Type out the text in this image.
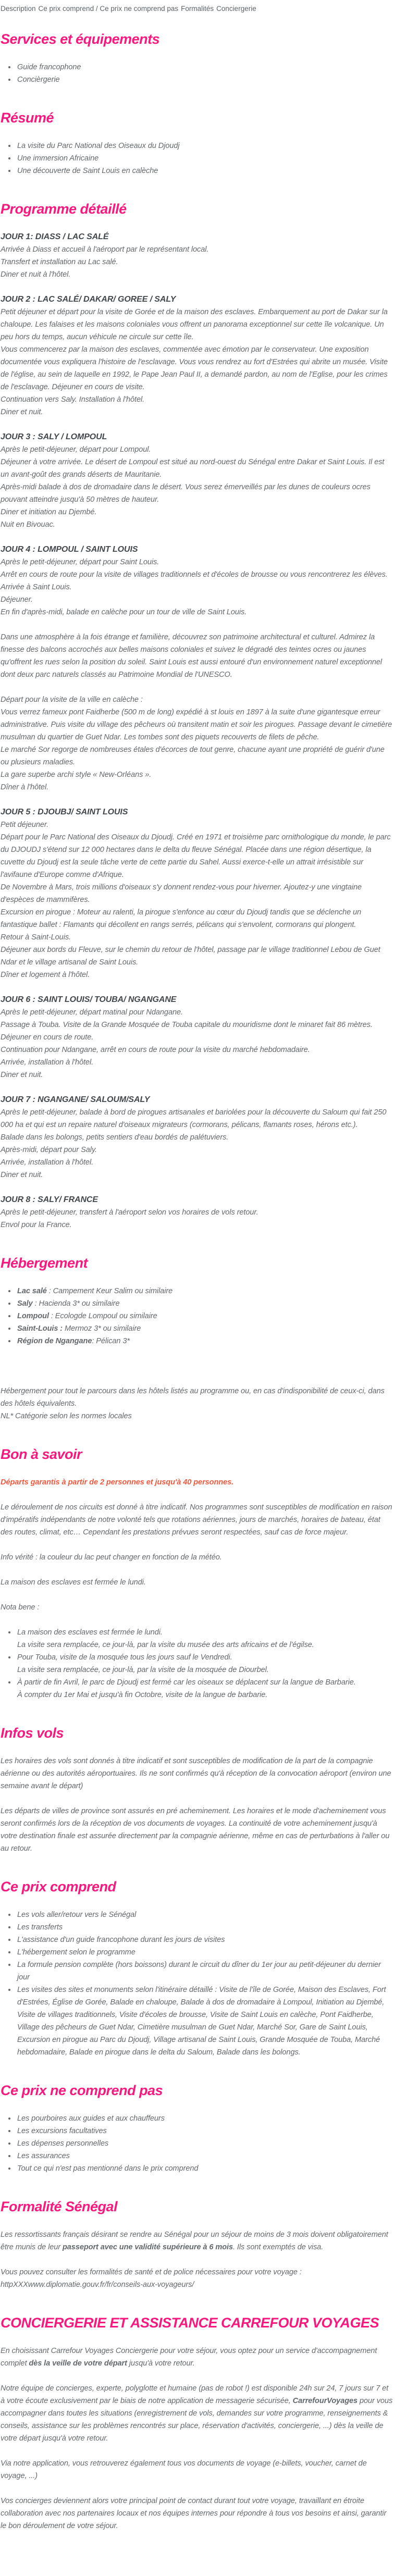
Description Ce prix comprend / Ce prix ne comprend pas Formalités Conciergerie
Services et équipements
• Guide francophone
• Concièrgerie
Résumé
• La visite du Parc National des Oiseaux du Djoudj
• Une immersion Africaine
• Une découverte de Saint Louis en calèche
Programme détaillé
JOUR 1: DIASS / LAC SALÉ

Arrivée à Diass et accueil à l'aéroport par le représentant local.
Transfert et installation au Lac salé.
Diner et nuit à l'hôtel.

JOUR 2 : LAC SALÉ/ DAKAR/ GOREE / SALY

Petit déjeuner et départ pour la visite de Gorée et de la maison des esclaves. Embarquement au port de Dakar sur la chaloupe. Les falaises et les maisons coloniales vous offrent un panorama exceptionnel sur cette île volcanique. Un peu hors du temps, aucun véhicule ne circule sur cette île.
Vous commencerez par la maison des esclaves, commentée avec émotion par le conservateur. Une exposition documentée vous expliquera l'histoire de l'esclavage. Vous vous rendrez au fort d'Estrées qui abrite un musée. Visite de l'église, au sein de laquelle en 1992, le Pape Jean Paul II, a demandé pardon, au nom de l'Eglise, pour les crimes de l'esclavage. Déjeuner en cours de visite.
Continuation vers Saly. Installation à l'hôtel.
Diner et nuit.

JOUR 3 : SALY / LOMPOUL

Après le petit-déjeuner, départ pour Lompoul.
Déjeuner à votre arrivée. Le désert de Lompoul est situé au nord-ouest du Sénégal entre Dakar et Saint Louis. Il est un avant-goût des grands déserts de Mauritanie.
Après-midi balade à dos de dromadaire dans le désert. Vous serez émerveillés par les dunes de couleurs ocres pouvant atteindre jusqu'à 50 mètres de hauteur.
Diner et initiation au Djembé.
Nuit en Bivouac.

JOUR 4 : LOMPOUL / SAINT LOUIS

Après le petit-déjeuner, départ pour Saint Louis.
Arrêt en cours de route pour la visite de villages traditionnels et d'écoles de brousse ou vous rencontrerez les élèves.
Arrivée à Saint Louis.
Déjeuner.
En fin d'après-midi, balade en calèche pour un tour de ville de Saint Louis.

Dans une atmosphère à la fois étrange et familière, découvrez son patrimoine architectural et culturel. Admirez la finesse des balcons accrochés aux belles maisons coloniales et suivez le dégradé des teintes ocres ou jaunes qu'offrent les rues selon la position du soleil. Saint Louis est aussi entouré d'un environnement naturel exceptionnel dont deux parc naturels classés au Patrimoine Mondial de l'UNESCO.

Départ pour la visite de la ville en calèche :
Vous verrez fameux pont Faidherbe (500 m de long) expédié à st louis en 1897 à la suite d'une gigantesque erreur administrative. Puis visite du village des pêcheurs où transitent matin et soir les pirogues. Passage devant le cimetière musulman du quartier de Guet Ndar. Les tombes sont des piquets recouverts de filets de pêche.
Le marché Sor regorge de nombreuses étales d'écorces de tout genre, chacune ayant une propriété de guérir d'une ou plusieurs maladies.
La gare superbe archi style « New-Orléans ».
Dîner à l'hôtel.

JOUR 5 : DJOUBJ/ SAINT LOUIS

Petit déjeuner.
Départ pour le Parc National des Oiseaux du Djoudj. Créé en 1971 et troisième parc ornithologique du monde, le parc du DJOUDJ s'étend sur 12 000 hectares dans le delta du fleuve Sénégal. Placée dans une région désertique, la cuvette du Djoudj est la seule tâche verte de cette partie du Sahel. Aussi exerce-t-elle un attrait irrésistible sur l'avifaune d'Europe comme d'Afrique.
De Novembre à Mars, trois millions d'oiseaux s'y donnent rendez-vous pour hiverner. Ajoutez-y une vingtaine d'espèces de mammifères.
Excursion en pirogue : Moteur au ralenti, la pirogue s'enfonce au cœur du Djoudj tandis que se déclenche un fantastique ballet : Flamants qui décollent en rangs serrés, pélicans qui s'envolent, cormorans qui plongent.
Retour à Saint-Louis.
Déjeuner aux bords du Fleuve, sur le chemin du retour de l'hôtel, passage par le village traditionnel Lebou de Guet Ndar et le village artisanal de Saint Louis.
Dîner et logement à l'hôtel.

JOUR 6 : SAINT LOUIS/ TOUBA/ NGANGANE

Après le petit-déjeuner, départ matinal pour Ndangane.
Passage à Touba. Visite de la Grande Mosquée de Touba capitale du mouridisme dont le minaret fait 86 mètres.
Déjeuner en cours de route.
Continuation pour Ndangane, arrêt en cours de route pour la visite du marché hebdomadaire.
Arrivée, installation à l'hôtel.
Diner et nuit.

JOUR 7 : NGANGANE/ SALOUM/SALY

Après le petit-déjeuner, balade à bord de pirogues artisanales et bariolées pour la découverte du Saloum qui fait 250 000 ha et qui est un repaire naturel d'oiseaux migrateurs (cormorans, pélicans, flamants roses, hérons etc.).
Balade dans les bolongs, petits sentiers d'eau bordés de palétuviers.
Après-midi, départ pour Saly.
Arrivée, installation à l'hôtel.
Diner et nuit.

JOUR 8 : SALY/ FRANCE

Après le petit-déjeuner, transfert à l'aéroport selon vos horaires de vols retour.
Envol pour la France.

Hébergement
• Lac salé : Campement Keur Salim ou similaire
• Saly : Hacienda 3* ou similaire
• Lompoul : Ecologde Lompoul ou similaire
• Saint-Louis : Mermoz 3* ou similaire
• Région de Ngangane: Pélican 3*

Hébergement pour tout le parcours dans les hôtels listés au programme ou, en cas d'indisponibilité de ceux-ci, dans des hôtels équivalents.
NL* Catégorie selon les normes locales

Bon à savoir

Départs garantis à partir de 2 personnes et jusqu'à 40 personnes.

Le déroulement de nos circuits est donné à titre indicatif. Nos programmes sont susceptibles de modification en raison d'impératifs indépendants de notre volonté tels que rotations aériennes, jours de marchés, horaires de bateau, état des routes, climat, etc… Cependant les prestations prévues seront respectées, sauf cas de force majeur.

Info vérité : la couleur du lac peut changer en fonction de la météo.

La maison des esclaves est fermée le lundi.

Nota bene :

• La maison des esclaves est fermée le lundi.
La visite sera remplacée, ce jour-là, par la visite du musée des arts africains et de l'égilse.
• Pour Touba, visite de la mosquée tous les jours sauf le Vendredi.
La visite sera remplacée, ce jour-là, par la visite de la mosquée de Diourbel.
• À partir de fin Avril, le parc de Djoudj est fermé car les oiseaux se déplacent sur la langue de Barbarie.
À compter du 1er Mai et jusqu'à fin Octobre, visite de la langue de barbarie.
Infos vols

Les horaires des vols sont donnés à titre indicatif et sont susceptibles de modification de la part de la compagnie aérienne ou des autorités aéroportuaires. Ils ne sont confirmés qu'à réception de la convocation aéroport (environ une semaine avant le départ)

Les départs de villes de province sont assurés en pré acheminement. Les horaires et le mode d'acheminement vous seront confirmés lors de la réception de vos documents de voyages. La continuité de votre acheminement jusqu'à votre destination finale est assurée directement par la compagnie aérienne, même en cas de perturbations à l'aller ou au retour.

Ce prix comprend
• Les vols aller/retour vers le Sénégal
• Les transferts
• L'assistance d'un guide francophone durant les jours de visites
• L'hébergement selon le programme
• La formule pension complète (hors boissons) durant le circuit du dîner du 1er jour au petit-déjeuner du dernier jour
• Les visites des sites et monuments selon l'itinéraire détaillé : Visite de l'île de Gorée, Maison des Esclaves, Fort d'Estrées, Église de Gorée, Balade en chaloupe, Balade à dos de dromadaire à Lompoul, Initiation au Djembé, Visite de villages traditionnels, Visite d'écoles de brousse, Visite de Saint Louis en calèche, Pont Faidherbe, Village des pêcheurs de Guet Ndar, Cimetière musulman de Guet Ndar, Marché Sor, Gare de Saint Louis, Excursion en pirogue au Parc du Djoudj, Village artisanal de Saint Louis, Grande Mosquée de Touba, Marché hebdomadaire, Balade en pirogue dans le delta du Saloum, Balade dans les bolongs.
Ce prix ne comprend pas
• Les pourboires aux guides et aux chauffeurs
• Les excursions facultatives
• Les dépenses personnelles
• Les assurances
• Tout ce qui n'est pas mentionné dans le prix comprend
Formalité Sénégal

Les ressortissants français désirant se rendre au Sénégal pour un séjour de moins de 3 mois doivent obligatoirement être munis de leur passeport avec une validité supérieure à 6 mois. Ils sont exemptés de visa.

Vous pouvez consulter les formalités de santé et de police nécessaires pour votre voyage :
httpXXXwww.diplomatie.gouv.fr/fr/conseils-aux-voyageurs/

CONCIERGERIE ET ASSISTANCE CARREFOUR VOYAGES

En choisissant Carrefour Voyages Conciergerie pour votre séjour, vous optez pour un service d'accompagnement complet dès la veille de votre départ jusqu'à votre retour.

Notre équipe de concierges, experte, polyglotte et humaine (pas de robot !) est disponible 24h sur 24, 7 jours sur 7 et à votre écoute exclusivement par le biais de notre application de messagerie sécurisée, CarrefourVoyages pour vous accompagner dans toutes les situations (enregistrement de vols, demandes sur votre programme, renseignements & conseils, assistance sur les problèmes rencontrés sur place, réservation d'activités, conciergerie, ...) dès la veille de votre départ jusqu'à votre retour.

Via notre application, vous retrouverez également tous vos documents de voyage (e-billets, voucher, carnet de voyage, ...)

Vos concierges deviennent alors votre principal point de contact durant tout votre voyage, travaillant en étroite collaboration avec nos partenaires locaux et nos équipes internes pour répondre à tous vos besoins et ainsi, garantir le bon déroulement de votre séjour.
